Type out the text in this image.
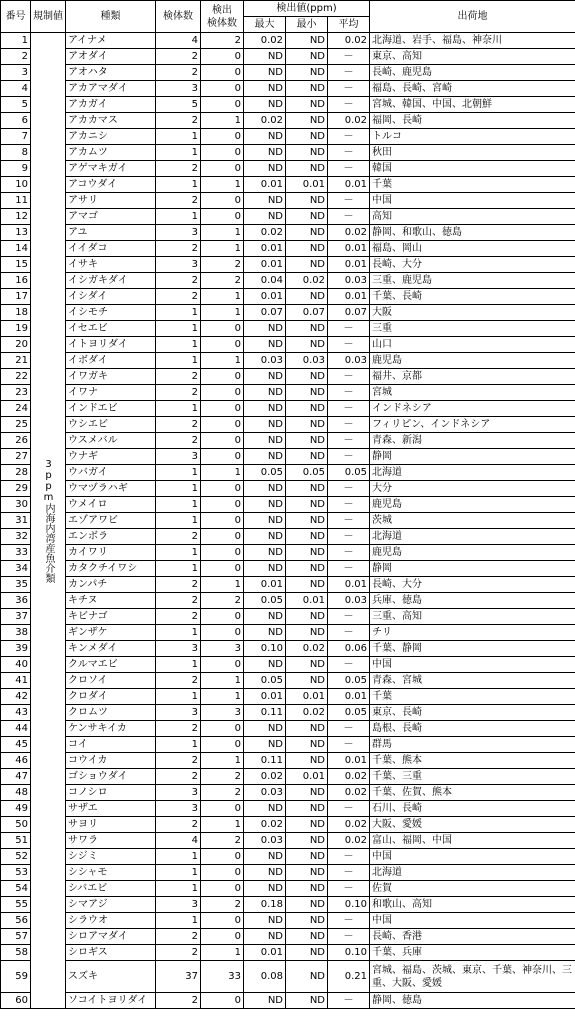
番号	規制値	種類	検体数	検出
検体数	検出値(ppm)			出荷地
					最大	最小	平均	
1	3ppm内海内湾産魚介類	アイナメ	4	2	0.02	ND	0.02	北海道、岩手、福島、神奈川
2		アオダイ	2	0	ND	ND	－	東京、高知
3		アオハタ	2	0	ND	ND	－	長崎、鹿児島
4		アカアマダイ	3	0	ND	ND	－	福島、長崎、宮崎
5		アカガイ	5	0	ND	ND	－	宮城、韓国、中国、北朝鮮
6		アカカマス	2	1	0.02	ND	0.02	福岡、長崎
7		アカニシ	1	0	ND	ND	－	トルコ
8		アカムツ	1	0	ND	ND	－	秋田
9		アゲマキガイ	2	0	ND	ND	－	韓国
10		アコウダイ	1	1	0.01	0.01	0.01	千葉
11		アサリ	2	0	ND	ND	－	中国
12		アマゴ	1	0	ND	ND	－	高知
13		アユ	3	1	0.02	ND	0.02	静岡、和歌山、徳島
14		イイダコ	2	1	0.01	ND	0.01	福島、岡山
15		イサキ	3	2	0.01	ND	0.01	長崎、大分
16		イシガキダイ	2	2	0.04	0.02	0.03	三重、鹿児島
17		イシダイ	2	1	0.01	ND	0.01	千葉、長崎
18		イシモチ	1	1	0.07	0.07	0.07	大阪
19		イセエビ	1	0	ND	ND	－	三重
20		イトヨリダイ	1	0	ND	ND	－	山口
21		イボダイ	1	1	0.03	0.03	0.03	鹿児島
22		イワガキ	2	0	ND	ND	－	福井、京都
23		イワナ	2	0	ND	ND	－	宮城
24		インドエビ	1	0	ND	ND	－	インドネシア
25		ウシエビ	2	0	ND	ND	－	フィリピン、インドネシア
26		ウスメバル	2	0	ND	ND	－	青森、新潟
27		ウナギ	3	0	ND	ND	－	静岡
28		ウバガイ	1	1	0.05	0.05	0.05	北海道
29		ウマヅラハギ	1	0	ND	ND	－	大分
30		ウメイロ	1	0	ND	ND	－	鹿児島
31		エゾアワビ	1	0	ND	ND	－	茨城
32		エンボラ	2	0	ND	ND	－	北海道
33		カイワリ	1	0	ND	ND	－	鹿児島
34		カタクチイワシ	1	0	ND	ND	－	静岡
35		カンパチ	2	1	0.01	ND	0.01	長崎、大分
36		キチヌ	2	2	0.05	0.01	0.03	兵庫、徳島
37		キビナゴ	2	0	ND	ND	－	三重、高知
38		ギンザケ	1	0	ND	ND	－	チリ
39		キンメダイ	3	3	0.10	0.02	0.06	千葉、静岡
40		クルマエビ	1	0	ND	ND	－	中国
41		クロソイ	2	1	0.05	ND	0.05	青森、宮城
42		クロダイ	1	1	0.01	0.01	0.01	千葉
43		クロムツ	3	3	0.11	0.02	0.05	東京、長崎
44		ケンサキイカ	2	0	ND	ND	－	島根、長崎
45		コイ	1	0	ND	ND	－	群馬
46		コウイカ	2	1	0.11	ND	0.01	千葉、熊本
47		ゴショウダイ	2	2	0.02	0.01	0.02	千葉、三重
48		コノシロ	3	2	0.03	ND	0.02	千葉、佐賀、熊本
49		サザエ	3	0	ND	ND	－	石川、長崎
50		サヨリ	2	1	0.02	ND	0.02	大阪、愛媛
51		サワラ	4	2	0.03	ND	0.02	富山、福岡、中国
52		シジミ	1	0	ND	ND	－	中国
53		シシャモ	1	0	ND	ND	－	北海道
54		シバエビ	1	0	ND	ND	－	佐賀
55		シマアジ	3	2	0.18	ND	0.10	和歌山、高知
56		シラウオ	1	0	ND	ND	－	中国
57		シロアマダイ	2	0	ND	ND	－	長崎、香港
58		シロギス	2	1	0.01	ND	0.10	千葉、兵庫
59		スズキ	37	33	0.08	ND	0.21	宮城、福島、茨城、東京、千葉、神奈川、三重、大阪、愛媛
60		ソコイトヨリダイ	2	0	ND	ND	－	静岡、徳島
